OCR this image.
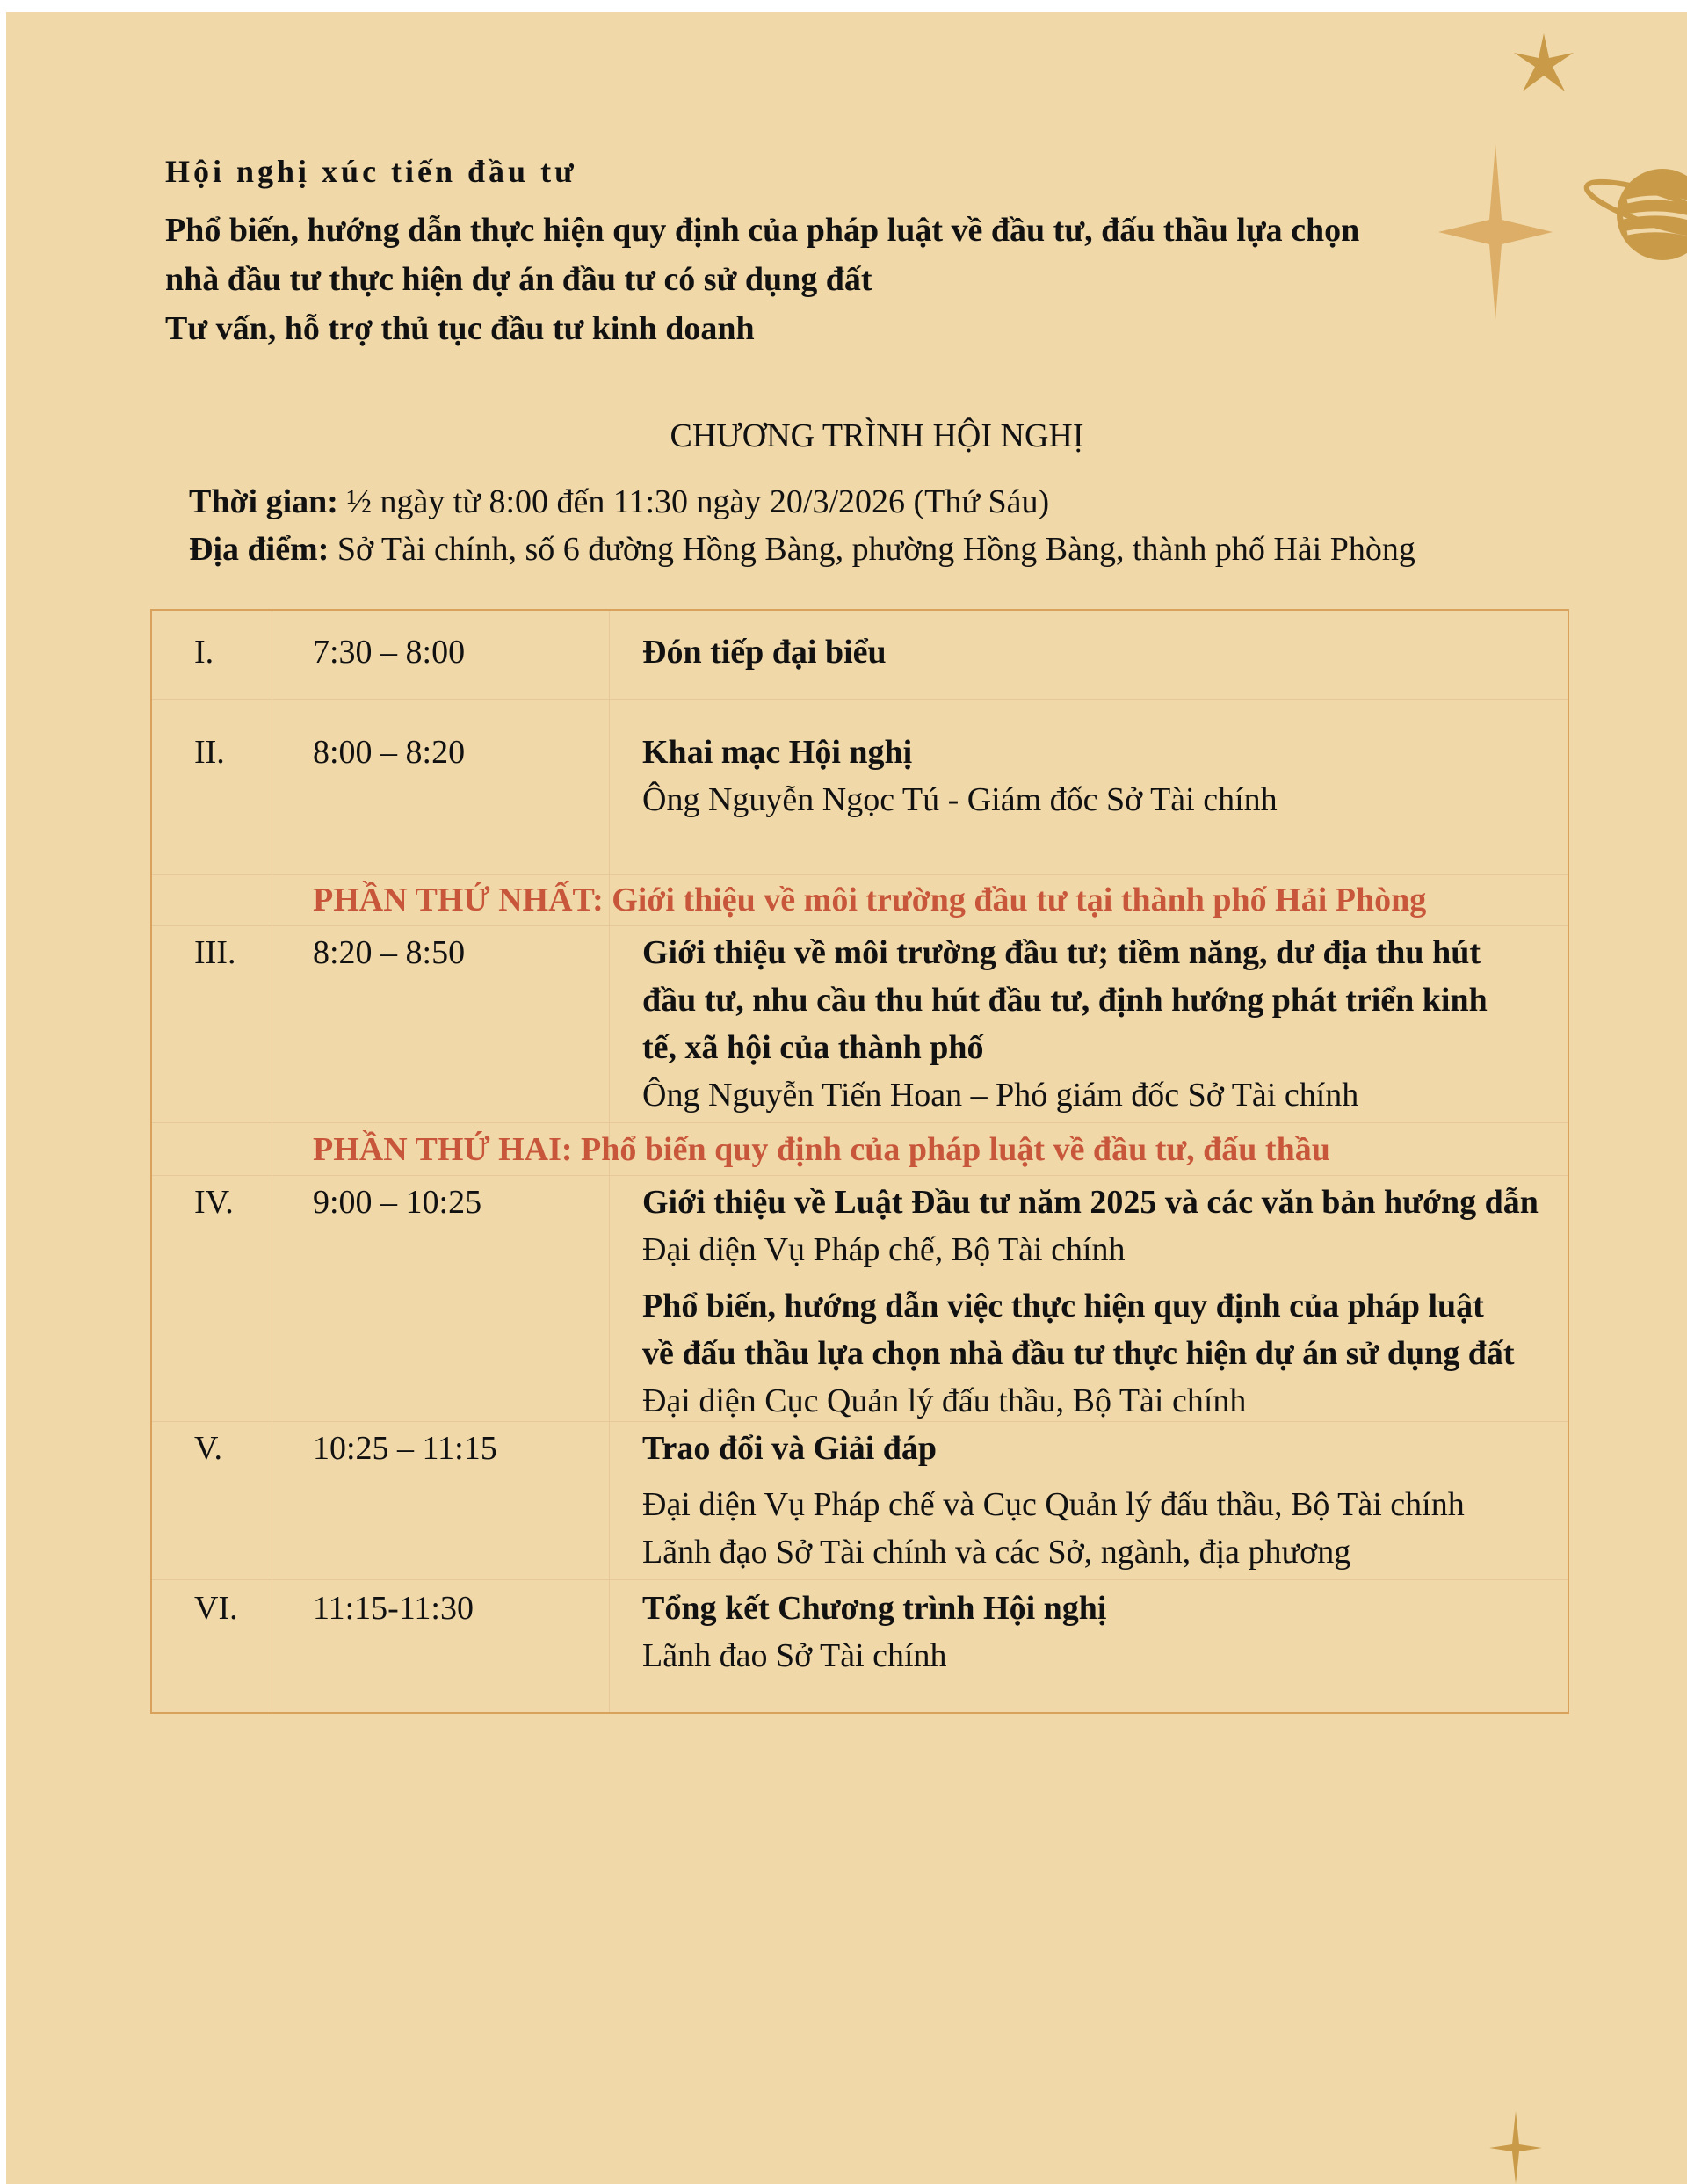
Hội nghị xúc tiến đầu tư
Phổ biến, hướng dẫn thực hiện quy định của pháp luật về đầu tư, đấu thầu lựa chọn
nhà đầu tư thực hiện dự án đầu tư có sử dụng đất
Tư vấn, hỗ trợ thủ tục đầu tư kinh doanh
CHƯƠNG TRÌNH HỘI NGHỊ
Thời gian: ½ ngày từ 8:00 đến 11:30 ngày 20/3/2026 (Thứ Sáu)
Địa điểm: Sở Tài chính, số 6 đường Hồng Bàng, phường Hồng Bàng, thành phố Hải Phòng
I.	7:30 – 8:00	Đón tiếp đại biểu
II.	8:00 – 8:20	Khai mạc Hội nghị
Ông Nguyễn Ngọc Tú - Giám đốc Sở Tài chính
PHẦN THỨ NHẤT: Giới thiệu về môi trường đầu tư tại thành phố Hải Phòng
III. 8:20 – 8:50	Giới thiệu về môi trường đầu tư; tiềm năng, dư địa thu hút
đầu tư, nhu cầu thu hút đầu tư, định hướng phát triển kinh
tế, xã hội của thành phố
Ông Nguyễn Tiến Hoan – Phó giám đốc Sở Tài chính
PHẦN THỨ HAI: Phổ biến quy định của pháp luật về đầu tư, đấu thầu
IV. 9:00 – 10:25	Giới thiệu về Luật Đầu tư năm 2025 và các văn bản hướng dẫn
Đại diện Vụ Pháp chế, Bộ Tài chính
Phổ biến, hướng dẫn việc thực hiện quy định của pháp luật
về đấu thầu lựa chọn nhà đầu tư thực hiện dự án sử dụng đất
Đại diện Cục Quản lý đấu thầu, Bộ Tài chính
V.	10:25 – 11:15	Trao đổi và Giải đáp
Đại diện Vụ Pháp chế và Cục Quản lý đấu thầu, Bộ Tài chính
Lãnh đạo Sở Tài chính và các Sở, ngành, địa phương
VI. 11:15-11:30	Tổng kết Chương trình Hội nghị
Lãnh đao Sở Tài chính
